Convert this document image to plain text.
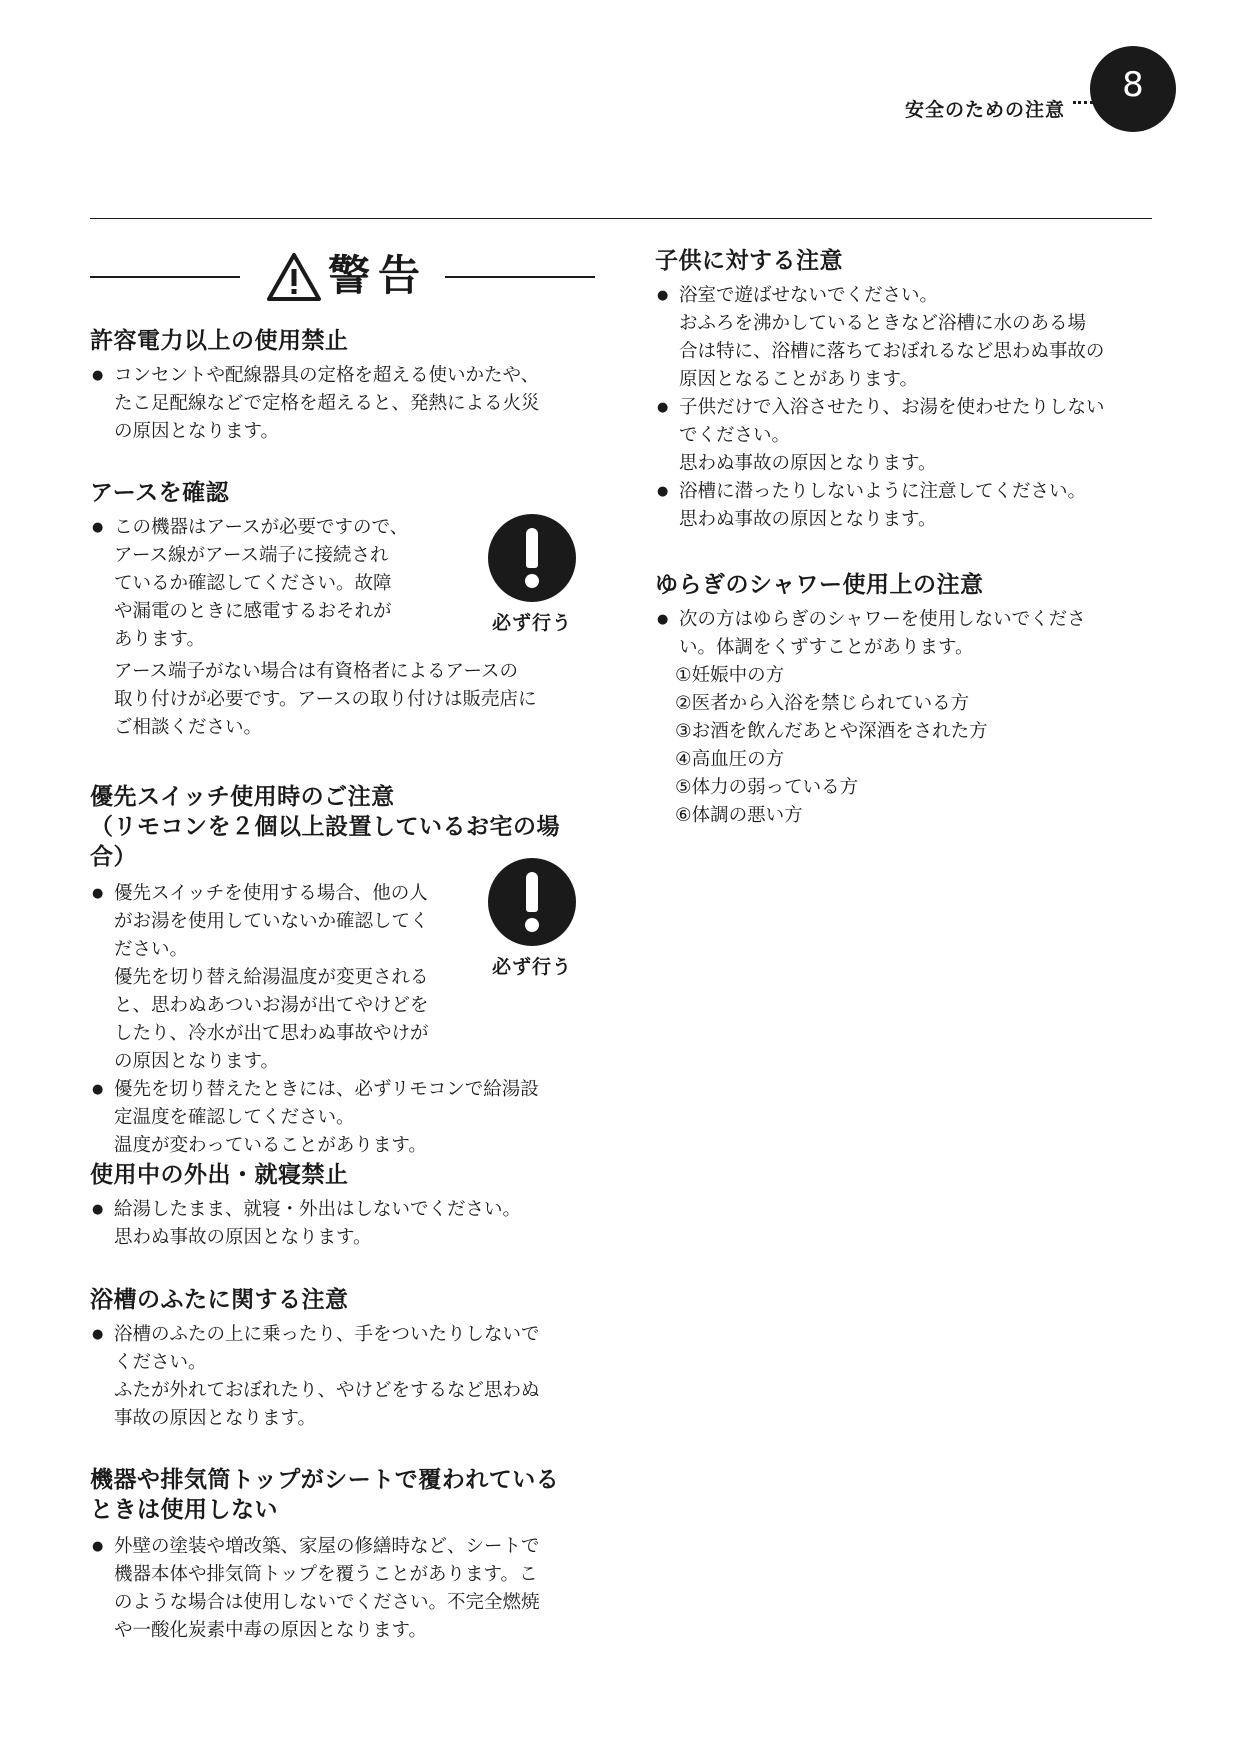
安全のための注意
8
警告
許容電力以上の使用禁止
● コンセントや配線器具の定格を超える使いかたや、

たこ足配線などで定格を超えると、発熱による火災

の原因となります。

アースを確認
● この機器はアースが必要ですので、

アース線がアース端子に接続され

ているか確認してください。故障

や漏電のときに感電するおそれが

あります。

アース端子がない場合は有資格者によるアースの

取り付けが必要です。アースの取り付けは販売店に

ご相談ください。

必ず行う
優先スイッチ使用時のご注意
（リモコンを２個以上設置しているお宅の場合）
● 優先スイッチを使用する場合、他の人

がお湯を使用していないか確認してく

ださい。

優先を切り替え給湯温度が変更される

と、思わぬあついお湯が出てやけどを

したり、冷水が出て思わぬ事故やけが

の原因となります。

● 優先を切り替えたときには、必ずリモコンで給湯設

定温度を確認してください。

温度が変わっていることがあります。

必ず行う
使用中の外出・就寝禁止
● 給湯したまま、就寝・外出はしないでください。

思わぬ事故の原因となります。

浴槽のふたに関する注意
● 浴槽のふたの上に乗ったり、手をついたりしないで

ください。

ふたが外れておぼれたり、やけどをするなど思わぬ

事故の原因となります。

機器や排気筒トップがシートで覆われている
ときは使用しない
● 外壁の塗装や増改築、家屋の修繕時など、シートで

機器本体や排気筒トップを覆うことがあります。こ

のような場合は使用しないでください。不完全燃焼

や一酸化炭素中毒の原因となります。

子供に対する注意
● 浴室で遊ばせないでください。

おふろを沸かしているときなど浴槽に水のある場

合は特に、浴槽に落ちておぼれるなど思わぬ事故の

原因となることがあります。

● 子供だけで入浴させたり、お湯を使わせたりしない

でください。

思わぬ事故の原因となります。

● 浴槽に潜ったりしないように注意してください。

思わぬ事故の原因となります。

ゆらぎのシャワー使用上の注意
● 次の方はゆらぎのシャワーを使用しないでくださ

い。体調をくずすことがあります。

①妊娠中の方

②医者から入浴を禁じられている方

③お酒を飲んだあとや深酒をされた方

④高血圧の方

⑤体力の弱っている方

⑥体調の悪い方
